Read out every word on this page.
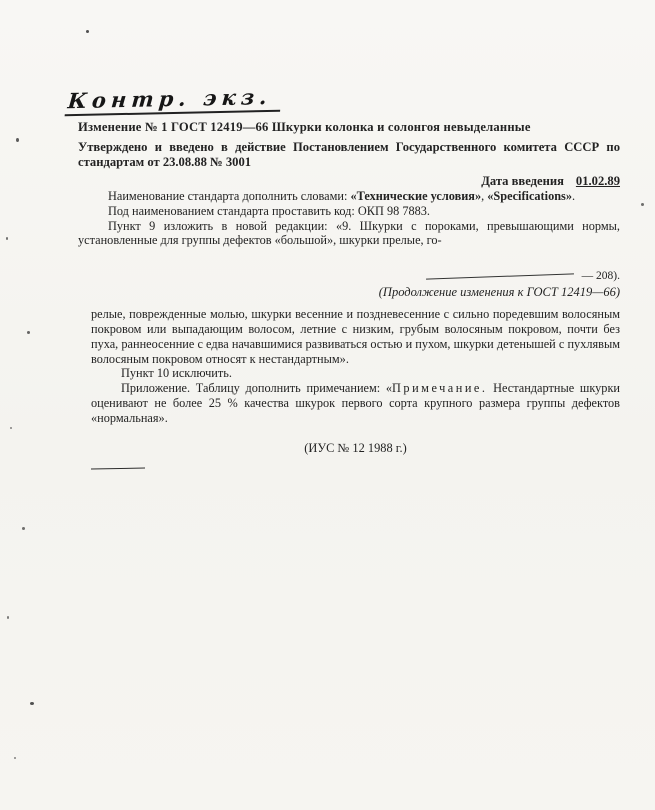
Контр. экз.
Изменение № 1 ГОСТ 12419—66 Шкурки колонка и солонгоя невыделанные
Утверждено и введено в действие Постановлением Государственного комитета СССР по стандартам от 23.08.88 № 3001
Дата введения 01.02.89

Наименование стандарта дополнить словами: «Технические условия», «Specifications».

Под наименованием стандарта проставить код: ОКП 98 7883.

Пункт 9 изложить в новой редакции: «9. Шкурки с пороками, превышающими нормы, установленные для группы дефектов «большой», шкурки прелые, го-

— 208).
(Продолжение изменения к ГОСТ 12419—66)

релые, поврежденные молью, шкурки весенние и поздневесенние с сильно поредевшим волосяным покровом или выпадающим волосом, летние с низким, грубым волосяным покровом, почти без пуха, раннеосенние с едва начавшимися развиваться остью и пухом, шкурки детенышей с пухлявым волосяным покровом относят к нестандартным».

Пункт 10 исключить.

Приложение. Таблицу дополнить примечанием: «Примечание. Нестандартные шкурки оценивают не более 25 % качества шкурок первого сорта крупного размера группы дефектов «нормальная».

(ИУС № 12 1988 г.)
